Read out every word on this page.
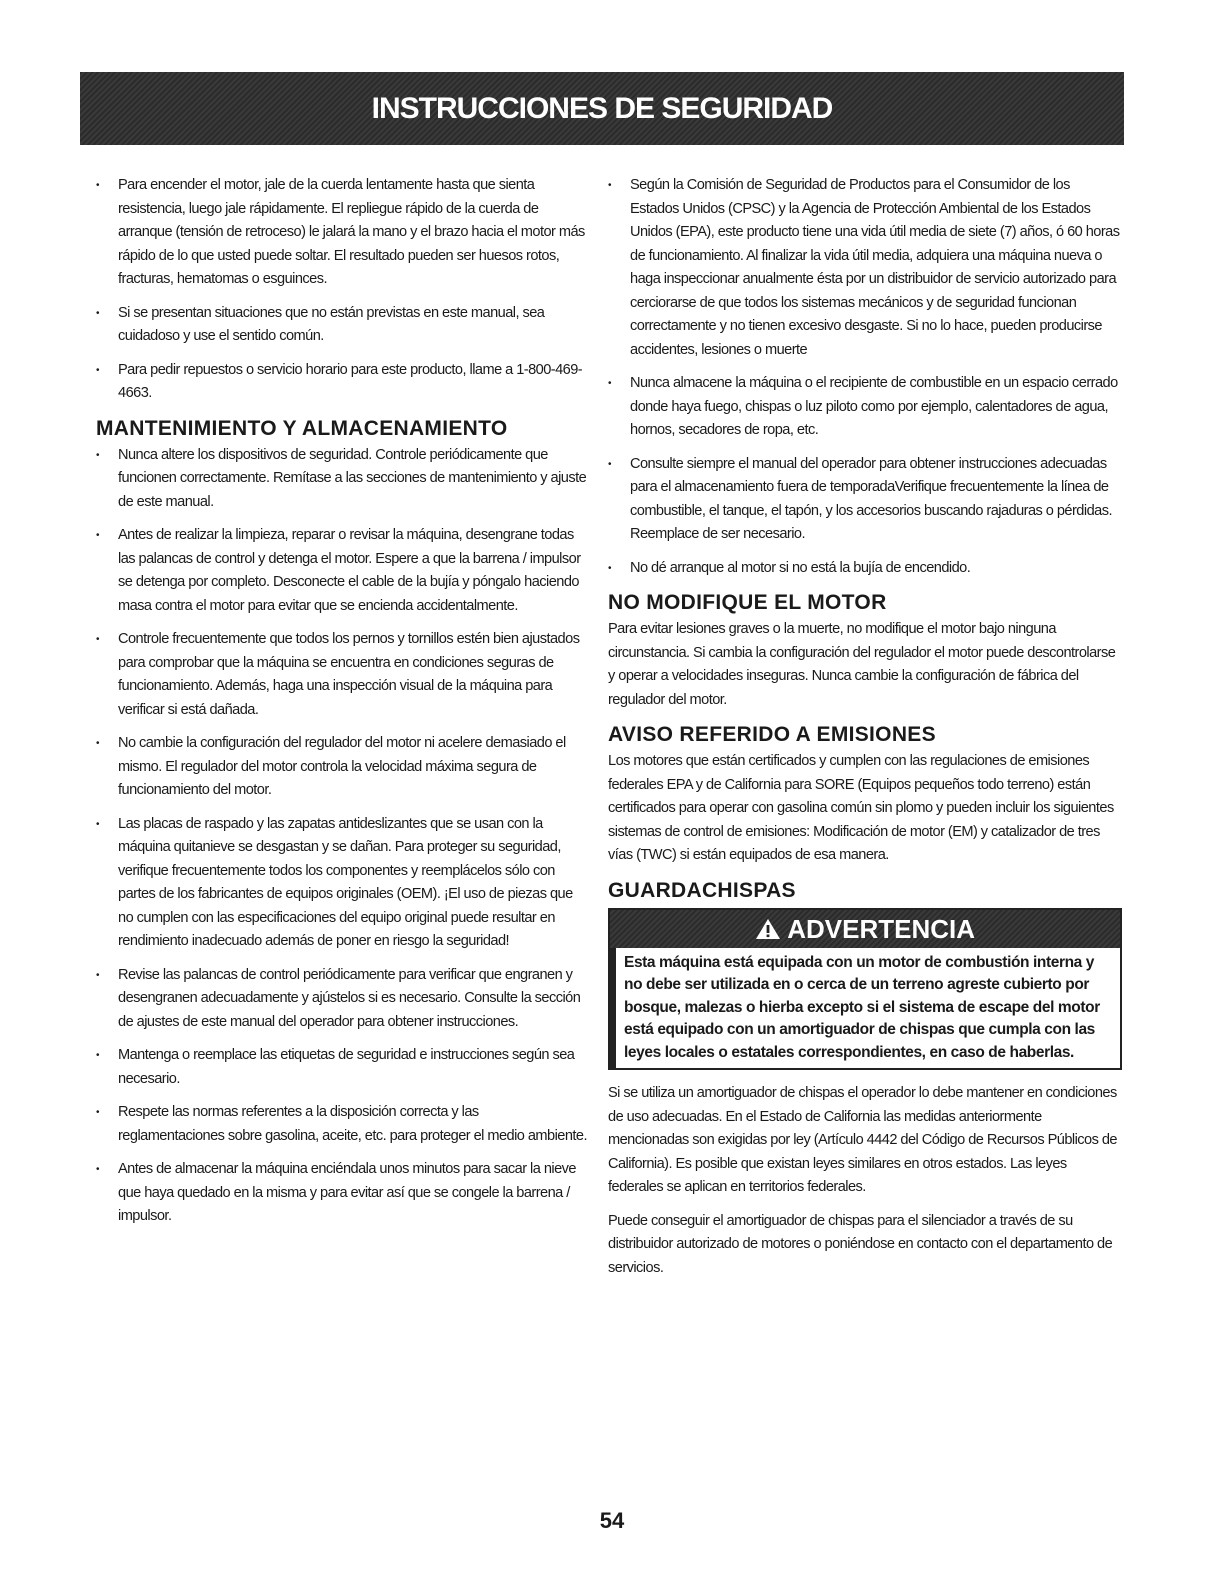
INSTRUCCIONES DE SEGURIDAD
• Para encender el motor, jale de la cuerda lentamente hasta que sienta resistencia, luego jale rápidamente. El repliegue rápido de la cuerda de arranque (tensión de retroceso) le jalará la mano y el brazo hacia el motor más rápido de lo que usted puede soltar. El resultado pueden ser huesos rotos, fracturas, hematomas o esguinces.
• Si se presentan situaciones que no están previstas en este manual, sea cuidadoso y use el sentido común.
• Para pedir repuestos o servicio horario para este producto, llame a 1-800-469-4663.
MANTENIMIENTO Y ALMACENAMIENTO
• Nunca altere los dispositivos de seguridad. Controle periódicamente que funcionen correctamente. Remítase a las secciones de mantenimiento y ajuste de este manual.
• Antes de realizar la limpieza, reparar o revisar la máquina, desengrane todas las palancas de control y detenga el motor. Espere a que la barrena / impulsor se detenga por completo. Desconecte el cable de la bujía y póngalo haciendo masa contra el motor para evitar que se encienda accidentalmente.
• Controle frecuentemente que todos los pernos y tornillos estén bien ajustados para comprobar que la máquina se encuentra en condiciones seguras de funcionamiento. Además, haga una inspección visual de la máquina para verificar si está dañada.
• No cambie la configuración del regulador del motor ni acelere demasiado el mismo. El regulador del motor controla la velocidad máxima segura de funcionamiento del motor.
• Las placas de raspado y las zapatas antideslizantes que se usan con la máquina quitanieve se desgastan y se dañan. Para proteger su seguridad, verifique frecuentemente todos los componentes y reemplácelos sólo con partes de los fabricantes de equipos originales (OEM). ¡El uso de piezas que no cumplen con las especificaciones del equipo original puede resultar en rendimiento inadecuado además de poner en riesgo la seguridad!
• Revise las palancas de control periódicamente para verificar que engranen y desengranen adecuadamente y ajústelos si es necesario. Consulte la sección de ajustes de este manual del operador para obtener instrucciones.
• Mantenga o reemplace las etiquetas de seguridad e instrucciones según sea necesario.
• Respete las normas referentes a la disposición correcta y las reglamentaciones sobre gasolina, aceite, etc. para proteger el medio ambiente.
• Antes de almacenar la máquina enciéndala unos minutos para sacar la nieve que haya quedado en la misma y para evitar así que se congele la barrena / impulsor.
• Según la Comisión de Seguridad de Productos para el Consumidor de los Estados Unidos (CPSC) y la Agencia de Protección Ambiental de los Estados Unidos (EPA), este producto tiene una vida útil media de siete (7) años, ó 60 horas de funcionamiento. Al finalizar la vida útil media, adquiera una máquina nueva o haga inspeccionar anualmente ésta por un distribuidor de servicio autorizado para cerciorarse de que todos los sistemas mecánicos y de seguridad funcionan correctamente y no tienen excesivo desgaste. Si no lo hace, pueden producirse accidentes, lesiones o muerte
• Nunca almacene la máquina o el recipiente de combustible en un espacio cerrado donde haya fuego, chispas o luz piloto como por ejemplo, calentadores de agua, hornos, secadores de ropa, etc.
• Consulte siempre el manual del operador para obtener instrucciones adecuadas para el almacenamiento fuera de temporadaVerifique frecuentemente la línea de combustible, el tanque, el tapón, y los accesorios buscando rajaduras o pérdidas. Reemplace de ser necesario.
• No dé arranque al motor si no está la bujía de encendido.
NO MODIFIQUE EL MOTOR

Para evitar lesiones graves o la muerte, no modifique el motor bajo ninguna circunstancia. Si cambia la configuración del regulador el motor puede descontrolarse y operar a velocidades inseguras. Nunca cambie la configuración de fábrica del regulador del motor.

AVISO REFERIDO A EMISIONES

Los motores que están certificados y cumplen con las regulaciones de emisiones federales EPA y de California para SORE (Equipos pequeños todo terreno) están certificados para operar con gasolina común sin plomo y pueden incluir los siguientes sistemas de control de emisiones: Modificación de motor (EM) y catalizador de tres vías (TWC) si están equipados de esa manera.

GUARDACHISPAS
ADVERTENCIA
Esta máquina está equipada con un motor de combustión interna y no debe ser utilizada en o cerca de un terreno agreste cubierto por bosque, malezas o hierba excepto si el sistema de escape del motor está equipado con un amortiguador de chispas que cumpla con las leyes locales o estatales correspondientes, en caso de haberlas.

Si se utiliza un amortiguador de chispas el operador lo debe mantener en condiciones de uso adecuadas. En el Estado de California las medidas anteriormente mencionadas son exigidas por ley (Artículo 4442 del Código de Recursos Públicos de California). Es posible que existan leyes similares en otros estados. Las leyes federales se aplican en territorios federales.

Puede conseguir el amortiguador de chispas para el silenciador a través de su distribuidor autorizado de motores o poniéndose en contacto con el departamento de servicios.

54
